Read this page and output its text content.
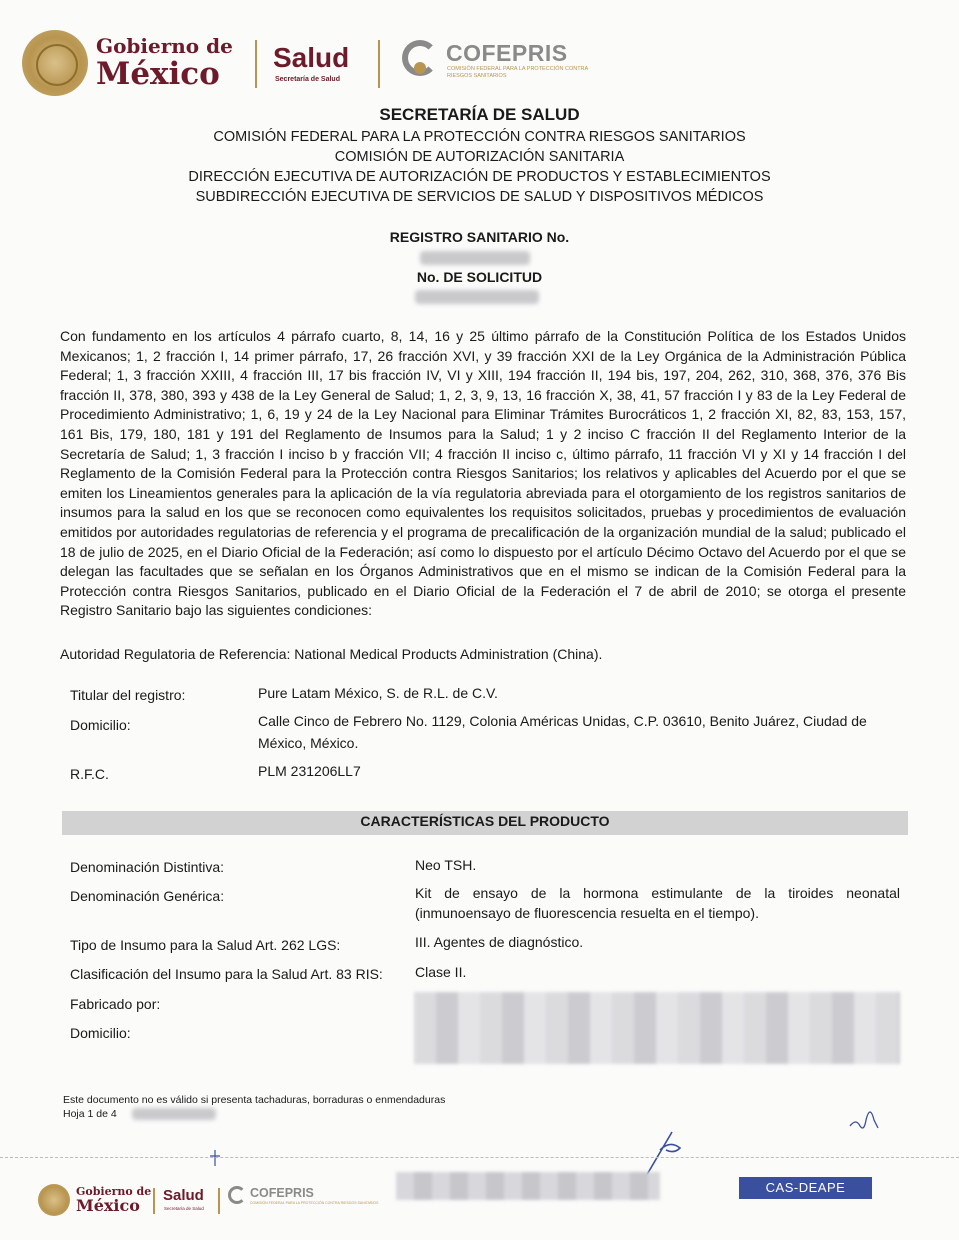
Gobierno de
México Salud
Secretaría de Salud
COFEPRIS
COMISIÓN FEDERAL PARA LA PROTECCIÓN CONTRA RIESGOS SANITARIOS
SECRETARÍA DE SALUD
COMISIÓN FEDERAL PARA LA PROTECCIÓN CONTRA RIESGOS SANITARIOS
COMISIÓN DE AUTORIZACIÓN SANITARIA
DIRECCIÓN EJECUTIVA DE AUTORIZACIÓN DE PRODUCTOS Y ESTABLECIMIENTOS
SUBDIRECCIÓN EJECUTIVA DE SERVICIOS DE SALUD Y DISPOSITIVOS MÉDICOS
REGISTRO SANITARIO No.
No. DE SOLICITUD
Con fundamento en los artículos 4 párrafo cuarto, 8, 14, 16 y 25 último párrafo de la Constitución Política de los Estados Unidos Mexicanos; 1, 2 fracción I, 14 primer párrafo, 17, 26 fracción XVI, y 39 fracción XXI de la Ley Orgánica de la Administración Pública Federal; 1, 3 fracción XXIII, 4 fracción III, 17 bis fracción IV, VI y XIII, 194 fracción II, 194 bis, 197, 204, 262, 310, 368, 376, 376 Bis fracción II, 378, 380, 393 y 438 de la Ley General de Salud; 1, 2, 3, 9, 13, 16 fracción X, 38, 41, 57 fracción I y 83 de la Ley Federal de Procedimiento Administrativo; 1, 6, 19 y 24 de la Ley Nacional para Eliminar Trámites Burocráticos 1, 2 fracción XI, 82, 83, 153, 157, 161 Bis, 179, 180, 181 y 191 del Reglamento de Insumos para la Salud; 1 y 2 inciso C fracción II del Reglamento Interior de la Secretaría de Salud; 1, 3 fracción I inciso b y fracción VII; 4 fracción II inciso c, último párrafo, 11 fracción VI y XI y 14 fracción I del Reglamento de la Comisión Federal para la Protección contra Riesgos Sanitarios; los relativos y aplicables del Acuerdo por el que se emiten los Lineamientos generales para la aplicación de la vía regulatoria abreviada para el otorgamiento de los registros sanitarios de insumos para la salud en los que se reconocen como equivalentes los requisitos solicitados, pruebas y procedimientos de evaluación emitidos por autoridades regulatorias de referencia y el programa de precalificación de la organización mundial de la salud; publicado el 18 de julio de 2025, en el Diario Oficial de la Federación; así como lo dispuesto por el artículo Décimo Octavo del Acuerdo por el que se delegan las facultades que se señalan en los Órganos Administrativos que en el mismo se indican de la Comisión Federal para la Protección contra Riesgos Sanitarios, publicado en el Diario Oficial de la Federación el 7 de abril de 2010; se otorga el presente Registro Sanitario bajo las siguientes condiciones:
Autoridad Regulatoria de Referencia: National Medical Products Administration (China).
Titular del registro:	Pure Latam México, S. de R.L. de C.V.
Domicilio:	Calle Cinco de Febrero No. 1129, Colonia Américas Unidas, C.P. 03610, Benito Juárez, Ciudad de
México, México.
R.F.C.	PLM 231206LL7
CARACTERÍSTICAS DEL PRODUCTO
Denominación Distintiva:	Neo TSH.
Denominación Genérica:	Kit de ensayo de la hormona estimulante de la tiroides neonatal
(inmunoensayo de fluorescencia resuelta en el tiempo).
Tipo de Insumo para la Salud Art. 262 LGS:	III. Agentes de diagnóstico.
Clasificación del Insumo para la Salud Art. 83 RIS: Clase II.
Fabricado por:
Domicilio:
Este documento no es válido si presenta tachaduras, borraduras o enmendaduras
Hoja 1 de 4
Gobierno de
México
Salud
Secretaría de Salud
COFEPRIS
COMISIÓN FEDERAL PARA LA PROTECCIÓN CONTRA RIESGOS SANITARIOS
CAS-DEAPE
